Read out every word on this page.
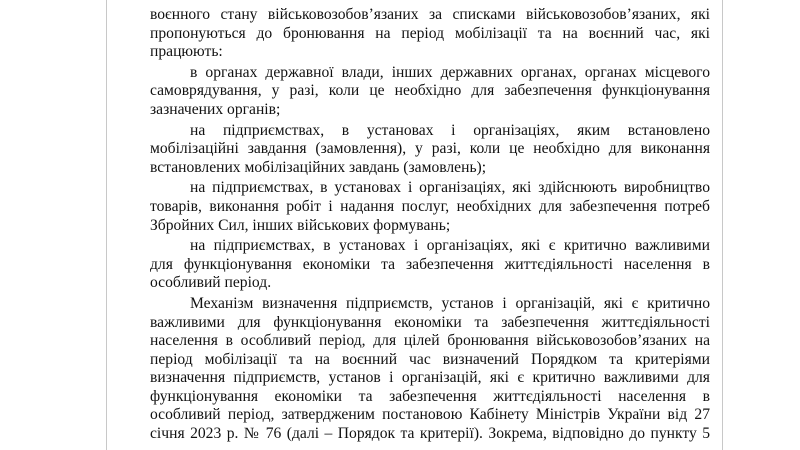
воєнного стану військовозобов’язаних за списками військовозобов’язаних, які
пропонуються до бронювання на період мобілізації та на воєнний час, які
працюють:
в органах державної влади, інших державних органах, органах місцевого
самоврядування, у разі, коли це необхідно для забезпечення функціонування
зазначених органів;
на підприємствах, в установах і організаціях, яким встановлено
мобілізаційні завдання (замовлення), у разі, коли це необхідно для виконання
встановлених мобілізаційних завдань (замовлень);
на підприємствах, в установах і організаціях, які здійснюють виробництво
товарів, виконання робіт і надання послуг, необхідних для забезпечення потреб
Збройних Сил, інших військових формувань;
на підприємствах, в установах і організаціях, які є критично важливими
для функціонування економіки та забезпечення життєдіяльності населення в
особливий період.
Механізм визначення підприємств, установ і організацій, які є критично
важливими для функціонування економіки та забезпечення життєдіяльності
населення в особливий період, для цілей бронювання військовозобов’язаних на
період мобілізації та на воєнний час визначений Порядком та критеріями
визначення підприємств, установ і організацій, які є критично важливими для
функціонування економіки та забезпечення життєдіяльності населення в
особливий період, затвердженим постановою Кабінету Міністрів України від 27
січня 2023 р. № 76 (далі – Порядок та критерії). Зокрема, відповідно до пункту 5
